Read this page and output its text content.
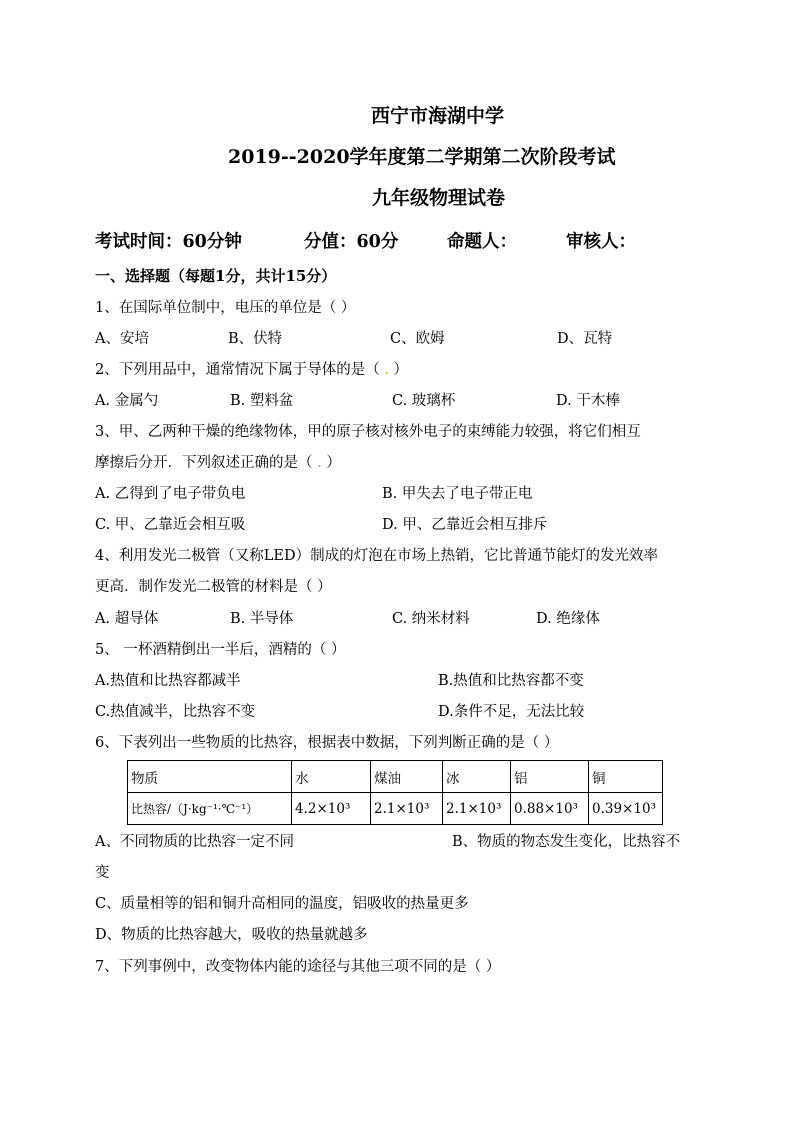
西宁市海湖中学
2019--2020学年度第二学期第二次阶段考试
九年级物理试卷
考试时间：60分钟	分值：60分	命题人：	审核人：
一、选择题（每题1分，共计15分）
1、在国际单位制中，电压的单位是（ ）
A、安培	B、伏特	C、欧姆	D、瓦特
2、下列用品中，通常情况下属于导体的是（ . ）
A. 金属勺	B. 塑料盆	C. 玻璃杯	D. 干木棒
3、甲、乙两种干燥的绝缘物体，甲的原子核对核外电子的束缚能力较强，将它们相互
摩擦后分开．下列叙述正确的是（ . ）
A. 乙得到了电子带负电	B. 甲失去了电子带正电
C. 甲、乙靠近会相互吸	D. 甲、乙靠近会相互排斥
4、利用发光二极管（又称LED）制成的灯泡在市场上热销，它比普通节能灯的发光效率
更高．制作发光二极管的材料是（ ）
A. 超导体	B. 半导体	C. 纳米材料	D. 绝缘体
5、 一杯酒精倒出一半后，酒精的（ ）
A.热值和比热容都减半	B.热值和比热容都不变
C.热值减半，比热容不变	D.条件不足，无法比较
6、下表列出一些物质的比热容，根据表中数据，下列判断正确的是（ ）
物质	水	煤油	冰	铝	铜
比热容/（J·kg⁻¹·℃⁻¹）	4.2×10³	2.1×10³	2.1×10³	0.88×10³	0.39×10³
A、不同物质的比热容一定不同	B、物质的物态发生变化，比热容不
变
C、质量相等的铝和铜升高相同的温度，铝吸收的热量更多
D、物质的比热容越大，吸收的热量就越多
7、下列事例中，改变物体内能的途径与其他三项不同的是（ ）
